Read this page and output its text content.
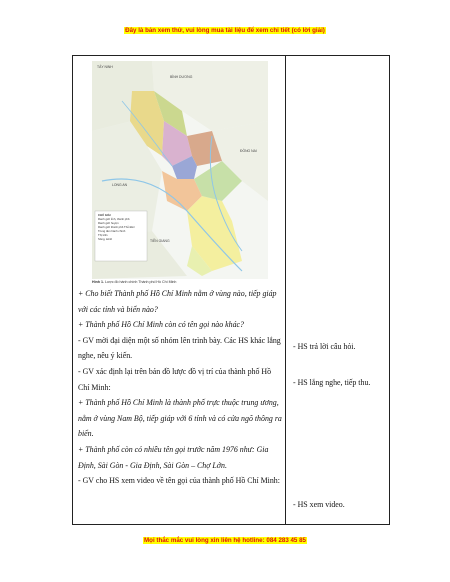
Đây là bản xem thử, vui lòng mua tài liệu để xem chi tiết (có lời giải)
TÂY NINH
BÌNH DƯƠNG
ĐỒNG NAI
LONG AN
TIỀN GIANG
CHÚ GIẢI
Ranh giới tỉnh, thành phố
Ranh giới huyện
Ranh giới thành phố Thủ Đức
Trung tâm hành chính
Thị trấn
Sông, kênh
Hình 1. Lược đồ hành chính Thành phố Hồ Chí Minh
+ Cho biết Thành phố Hồ Chí Minh nằm ở vùng nào, tiếp giáp với các tỉnh và biển nào?
+ Thành phố Hồ Chí Minh còn có tên gọi nào khác?
- GV mời đại diện một số nhóm lên trình bày. Các HS khác lắng nghe, nêu ý kiến.
- GV xác định lại trên bản đồ lược đồ vị trí của thành phố Hồ Chí Minh:
+ Thành phố Hồ Chí Minh là thành phố trực thuộc trung ương, nằm ở vùng Nam Bộ, tiếp giáp với 6 tỉnh và có cửa ngõ thông ra biển.
+ Thành phố còn có nhiều tên gọi trước năm 1976 như: Gia Định, Sài Gòn - Gia Định, Sài Gòn – Chợ Lớn.
- GV cho HS xem video về tên gọi của thành phố Hồ Chí Minh:
- HS trả lời câu hỏi.
- HS lắng nghe, tiếp thu.
- HS xem video.
Mọi thắc mắc vui lòng xin liên hệ hotline: 084 283 45 85
